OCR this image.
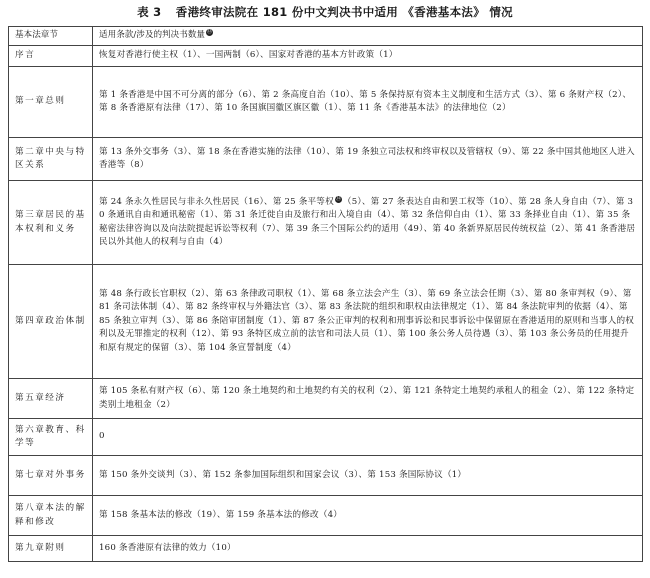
表 3 香港终审法院在 181 份中文判决书中适用 《香港基本法》 情况
基本法章节	适用条款/涉及的判决书数量 ⑬
序言	恢复对香港行使主权（1）、一国两制（6）、国家对香港的基本方针政策（1）
第一章总则	第 1 条香港是中国不可分离的部分（6）、第 2 条高度自治（10）、第 5 条保持原有资本主义制度和生活方式（3）、第 6 条财产权（2）、第 8 条香港原有法律（17）、第 10 条国旗国徽区旗区徽（1）、第 11 条《香港基本法》的法律地位（2）
第二章中央与特区关系	第 13 条外交事务（3）、第 18 条在香港实施的法律（10）、第 19 条独立司法权和终审权以及管辖权（9）、第 22 条中国其他地区人进入香港等（8）
第三章居民的基本权利和义务	第 24 条永久性居民与非永久性居民（16）、第 25 条平等权 ⑭ （5）、第 27 条表达自由和罢工权等（10）、第 28 条人身自由（7）、第 30 条通讯自由和通讯秘密（1）、第 31 条迁徙自由及旅行和出入境自由（4）、第 32 条信仰自由（1）、第 33 条择业自由（1）、第 35 条秘密法律咨询以及向法院提起诉讼等权利（7）、第 39 条三个国际公约的适用（49）、第 40 条新界原居民传统权益（2）、第 41 条香港居民以外其他人的权利与自由（4）
第四章政治体制	第 48 条行政长官职权（2）、第 63 条律政司职权（1）、第 68 条立法会产生（3）、第 69 条立法会任期（3）、第 80 条审判权（9）、第 81 条司法体制（4）、第 82 条终审权与外籍法官（3）、第 83 条法院的组织和职权由法律规定（1）、第 84 条法院审判的依据（4）、第 85 条独立审判（3）、第 86 条陪审团制度（1）、第 87 条公正审判的权利和刑事诉讼和民事诉讼中保留原在香港适用的原则和当事人的权利以及无罪推定的权利（12）、第 93 条特区成立前的法官和司法人员（1）、第 100 条公务人员待遇（3）、第 103 条公务员的任用提升和原有规定的保留（3）、第 104 条宣誓制度（4）
第五章经济	第 105 条私有财产权（6）、第 120 条土地契约和土地契约有关的权利（2）、第 121 条特定土地契约承租人的租金（2）、第 122 条特定类别土地租金（2）
第六章教育、科学等	0
第七章对外事务	第 150 条外交谈判（3）、第 152 条参加国际组织和国家会议（3）、第 153 条国际协议（1）
第八章本法的解释和修改	第 158 条基本法的修改（19）、第 159 条基本法的修改（4）
第九章附则	160 条香港原有法律的效力（10）
